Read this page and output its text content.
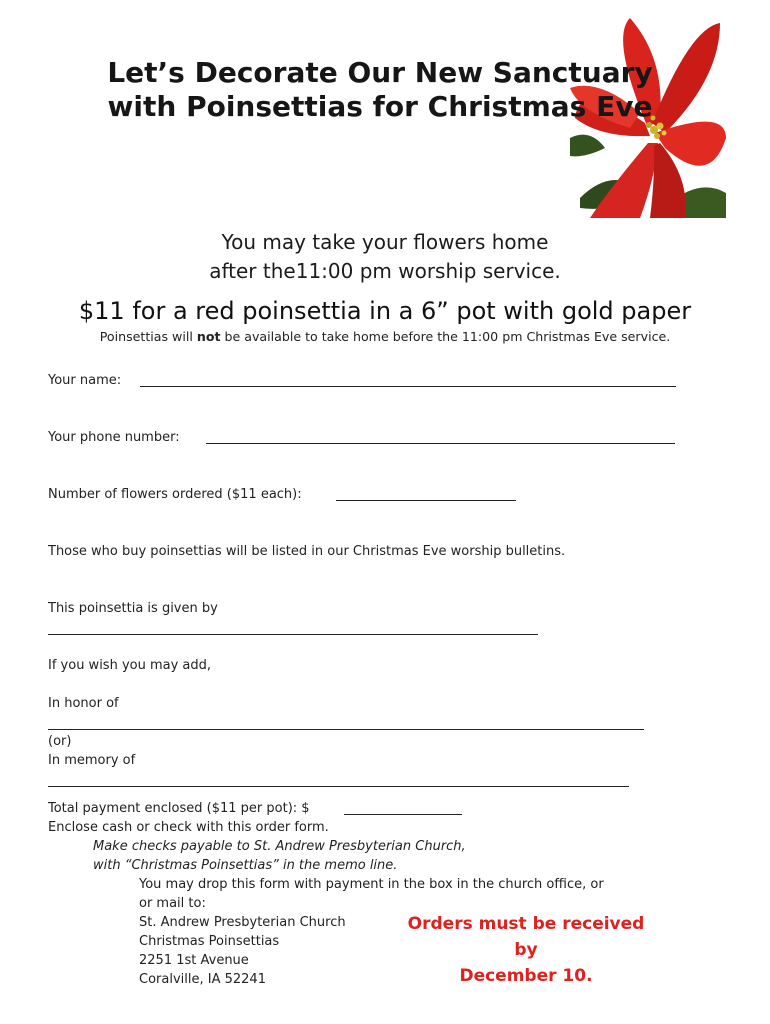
Let’s Decorate Our New Sanctuary
with Poinsettias for Christmas Eve
You may take your flowers home
after the11:00 pm worship service.
$11 for a red poinsettia in a 6” pot with gold paper
Poinsettias will not be available to take home before the 11:00 pm Christmas Eve service.
Your name:
Your phone number:
Number of flowers ordered ($11 each):
Those who buy poinsettias will be listed in our Christmas Eve worship bulletins.
This poinsettia is given by
If you wish you may add,
In honor of
(or)
In memory of
Total payment enclosed ($11 per pot): $
Enclose cash or check with this order form.
Make checks payable to St. Andrew Presbyterian Church,
with “Christmas Poinsettias” in the memo line.
You may drop this form with payment in the box in the church office, or
or mail to:
St. Andrew Presbyterian Church
Christmas Poinsettias
2251 1st Avenue
Coralville, IA 52241
Orders must be received by
December 10.
